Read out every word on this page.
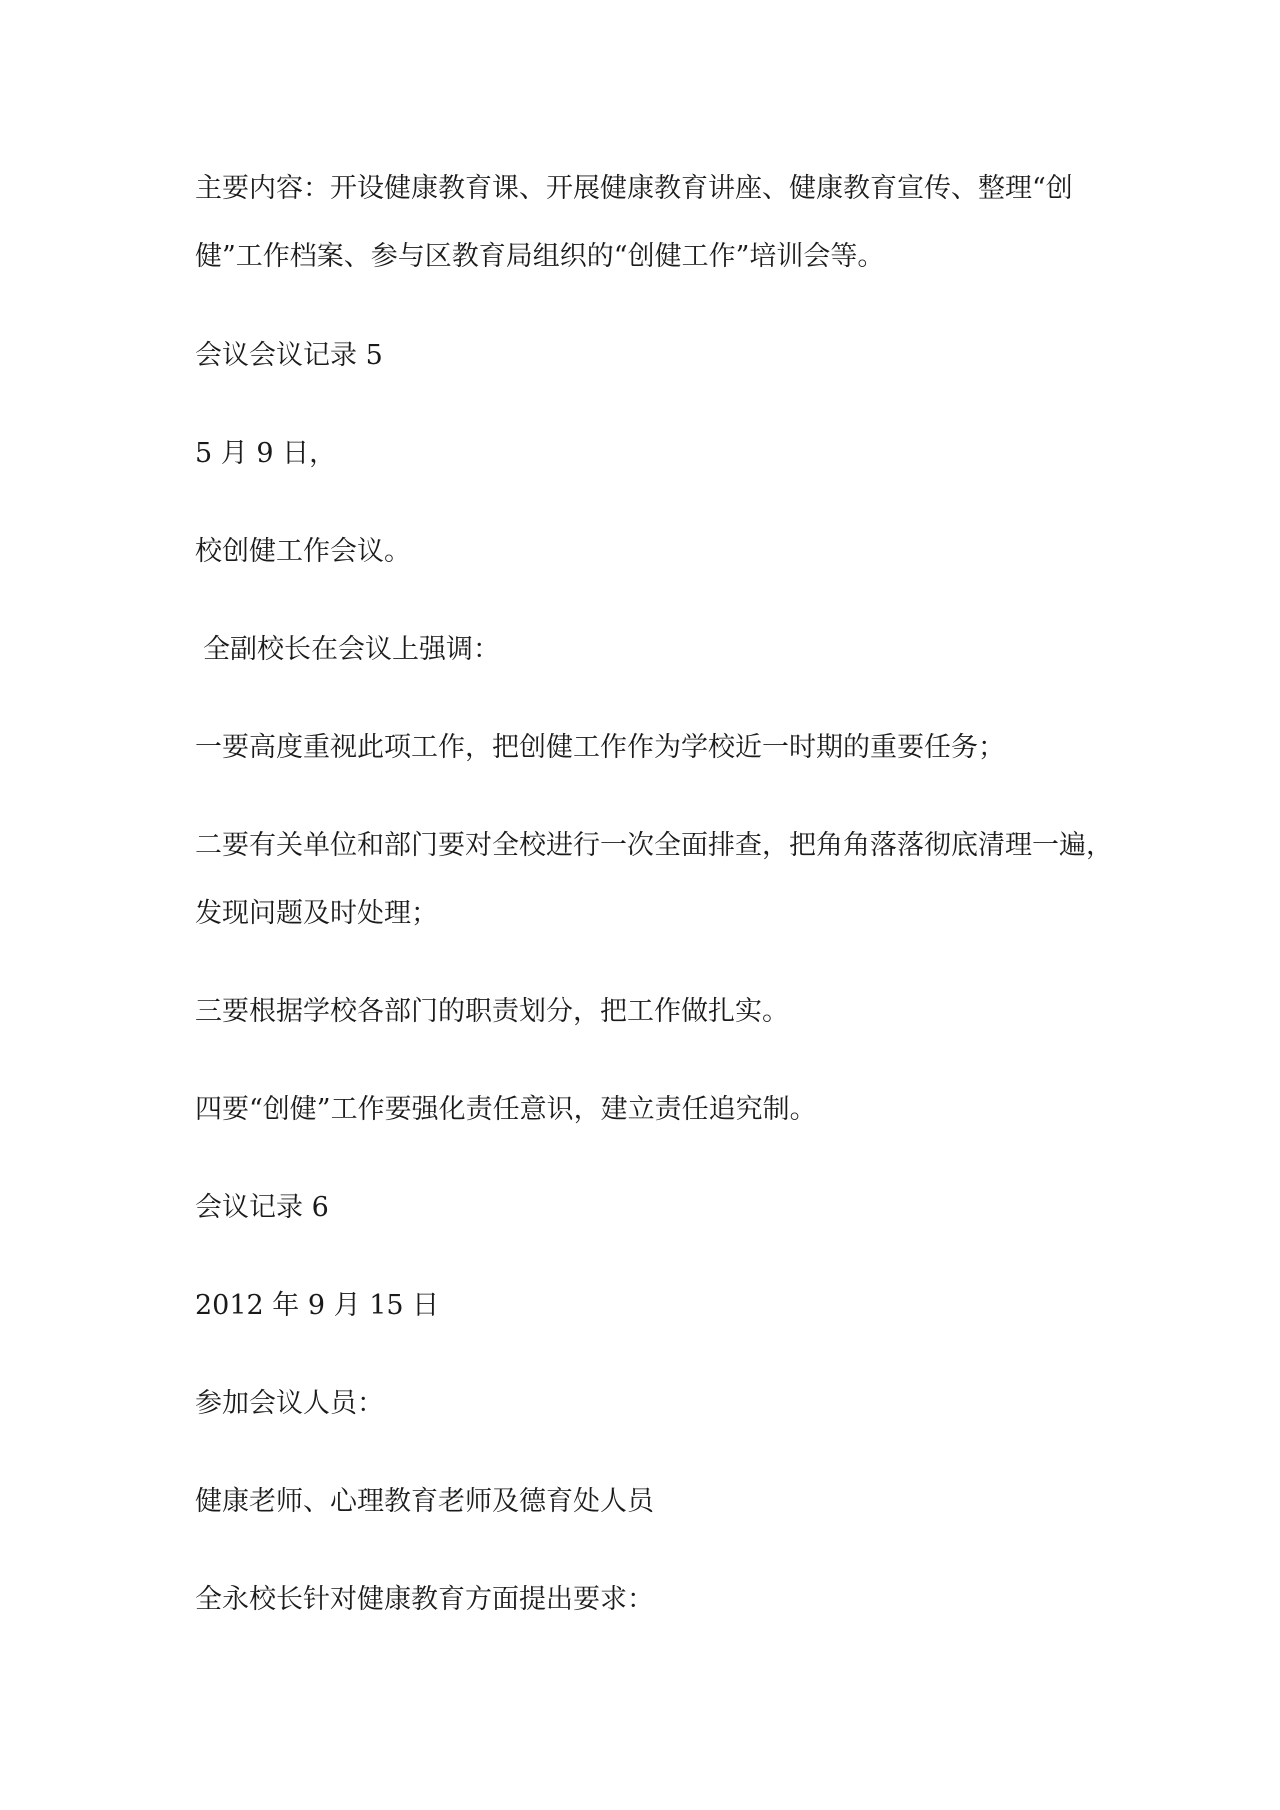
主要内容：开设健康教育课、开展健康教育讲座、健康教育宣传、整理“创

健”工作档案、参与区教育局组织的“创健工作”培训会等。

会议会议记录 5

5 月 9 日，

校创健工作会议。

全副校长在会议上强调：

一要高度重视此项工作，把创健工作作为学校近一时期的重要任务；

二要有关单位和部门要对全校进行一次全面排查，把角角落落彻底清理一遍，

发现问题及时处理；

三要根据学校各部门的职责划分，把工作做扎实。

四要“创健”工作要强化责任意识，建立责任追究制。

会议记录 6

2012 年 9 月 15 日

参加会议人员：

健康老师、心理教育老师及德育处人员

全永校长针对健康教育方面提出要求：
